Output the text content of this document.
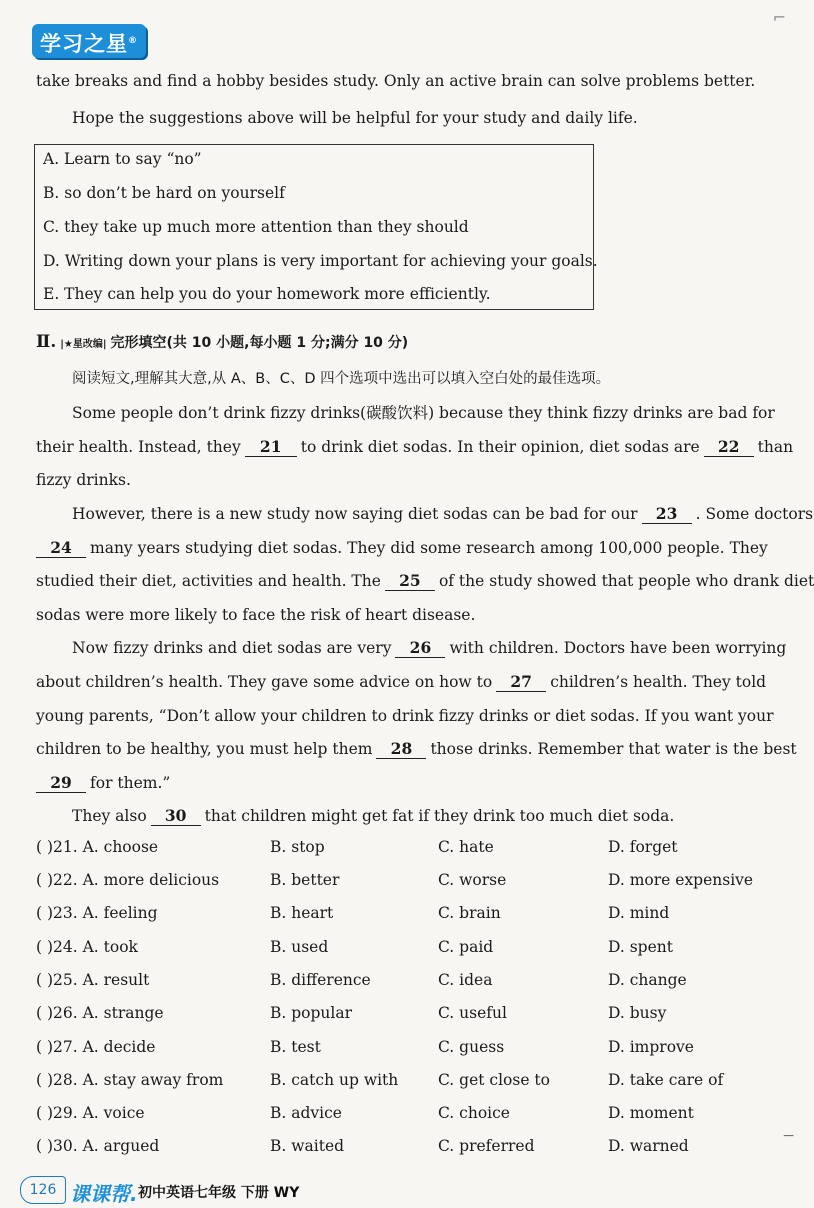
学习之星®
⌐
take breaks and find a hobby besides study. Only an active brain can solve problems better.
Hope the suggestions above will be helpful for your study and daily life.
A. Learn to say “no”
B. so don’t be hard on yourself
C. they take up much more attention than they should
D. Writing down your plans is very important for achieving your goals.
E. They can help you do your homework more efficiently.
Ⅱ. |★星改编| 完形填空(共 10 小题,每小题 1 分;满分 10 分)
阅读短文,理解其大意,从 A、B、C、D 四个选项中选出可以填入空白处的最佳选项。
Some people don’t drink fizzy drinks(碳酸饮料) because they think fizzy drinks are bad for
their health. Instead, they 21 to drink diet sodas. In their opinion, diet sodas are 22 than
fizzy drinks.
However, there is a new study now saying diet sodas can be bad for our 23 . Some doctors
24 many years studying diet sodas. They did some research among 100,000 people. They
studied their diet, activities and health. The 25 of the study showed that people who drank diet
sodas were more likely to face the risk of heart disease.
Now fizzy drinks and diet sodas are very 26 with children. Doctors have been worrying
about children’s health. They gave some advice on how to 27 children’s health. They told
young parents, “Don’t allow your children to drink fizzy drinks or diet sodas. If you want your
children to be healthy, you must help them 28 those drinks. Remember that water is the best
29 for them.”
They also 30 that children might get fat if they drink too much diet soda.
( )21. A. choose	B. stop	C. hate	D. forget
( )22. A. more delicious	B. better	C. worse	D. more expensive
( )23. A. feeling	B. heart	C. brain	D. mind
( )24. A. took	B. used	C. paid	D. spent
( )25. A. result	B. difference	C. idea	D. change
( )26. A. strange	B. popular	C. useful	D. busy
( )27. A. decide	B. test	C. guess	D. improve
( )28. A. stay away from	B. catch up with	C. get close to	D. take care of
( )29. A. voice	B. advice	C. choice	D. moment
( )30. A. argued	B. waited	C. preferred	D. warned
|
126 课课帮. 初中英语七年级 下册 WY
